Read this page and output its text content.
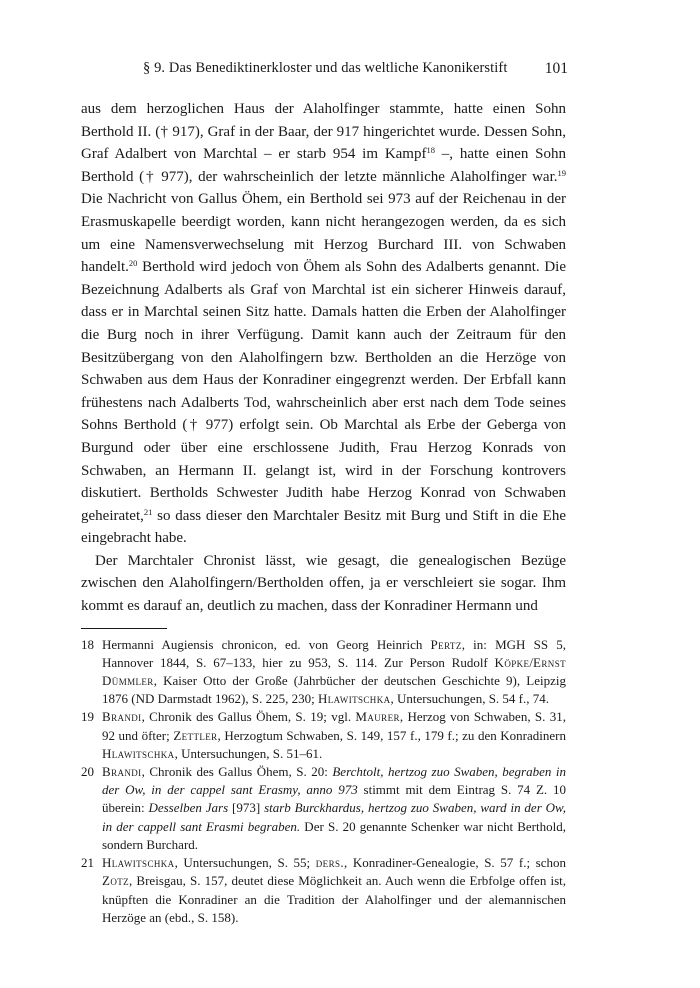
§ 9. Das Benediktinerkloster und das weltliche Kanonikerstift 101

aus dem herzoglichen Haus der Alaholfinger stammte, hatte einen Sohn Berthold II. († 917), Graf in der Baar, der 917 hingerichtet wurde. Dessen Sohn, Graf Adalbert von Marchtal – er starb 954 im Kampf$^{18}$ –, hatte einen Sohn Berthold († 977), der wahrscheinlich der letzte männliche Alaholfinger war.$^{19}$ Die Nachricht von Gallus Öhem, ein Berthold sei 973 auf der Reichenau in der Erasmuskapelle beerdigt worden, kann nicht herangezogen werden, da es sich um eine Namensverwechselung mit Herzog Burchard III. von Schwaben handelt.$^{20}$ Berthold wird jedoch von Öhem als Sohn des Adalberts genannt. Die Bezeichnung Adalberts als Graf von Marchtal ist ein sicherer Hinweis darauf, dass er in Marchtal seinen Sitz hatte. Damals hatten die Erben der Alaholfinger die Burg noch in ihrer Verfügung. Damit kann auch der Zeitraum für den Besitzübergang von den Alaholfingern bzw. Bertholden an die Herzöge von Schwaben aus dem Haus der Konradiner eingegrenzt werden. Der Erbfall kann frühestens nach Adalberts Tod, wahrscheinlich aber erst nach dem Tode seines Sohns Berthold († 977) erfolgt sein. Ob Marchtal als Erbe der Geberga von Burgund oder über eine erschlossene Judith, Frau Herzog Konrads von Schwaben, an Hermann II. gelangt ist, wird in der Forschung kontrovers diskutiert. Bertholds Schwester Judith habe Herzog Konrad von Schwaben geheiratet,$^{21}$ so dass dieser den Marchtaler Besitz mit Burg und Stift in die Ehe eingebracht habe.

Der Marchtaler Chronist lässt, wie gesagt, die genealogischen Bezüge zwischen den Alaholfingern/Bertholden offen, ja er verschleiert sie sogar. Ihm kommt es darauf an, deutlich zu machen, dass der Konradiner Hermann und

18 Hermanni Augiensis chronicon, ed. von Georg Heinrich Pertz, in: MGH SS 5, Hannover 1844, S. 67–133, hier zu 953, S. 114. Zur Person Rudolf Köpke/Ernst Dümmler, Kaiser Otto der Große (Jahrbücher der deutschen Geschichte 9), Leipzig 1876 (ND Darmstadt 1962), S. 225, 230; Hlawitschka, Untersuchungen, S. 54 f., 74.
19 Brandi, Chronik des Gallus Öhem, S. 19; vgl. Maurer, Herzog von Schwaben, S. 31, 92 und öfter; Zettler, Herzogtum Schwaben, S. 149, 157 f., 179 f.; zu den Konradinern Hlawitschka, Untersuchungen, S. 51–61.
20 Brandi, Chronik des Gallus Öhem, S. 20: Berchtolt, hertzog zuo Swaben, begraben in der Ow, in der cappel sant Erasmy, anno 973 stimmt mit dem Eintrag S. 74 Z. 10 überein: Desselben Jars [973] starb Burckhardus, hertzog zuo Swaben, ward in der Ow, in der cappell sant Erasmi begraben. Der S. 20 genannte Schenker war nicht Berthold, sondern Burchard.
21 Hlawitschka, Untersuchungen, S. 55; ders., Konradiner-Genealogie, S. 57 f.; schon Zotz, Breisgau, S. 157, deutet diese Möglichkeit an. Auch wenn die Erbfolge offen ist, knüpften die Konradiner an die Tradition der Alaholfinger und der alemannischen Herzöge an (ebd., S. 158).
